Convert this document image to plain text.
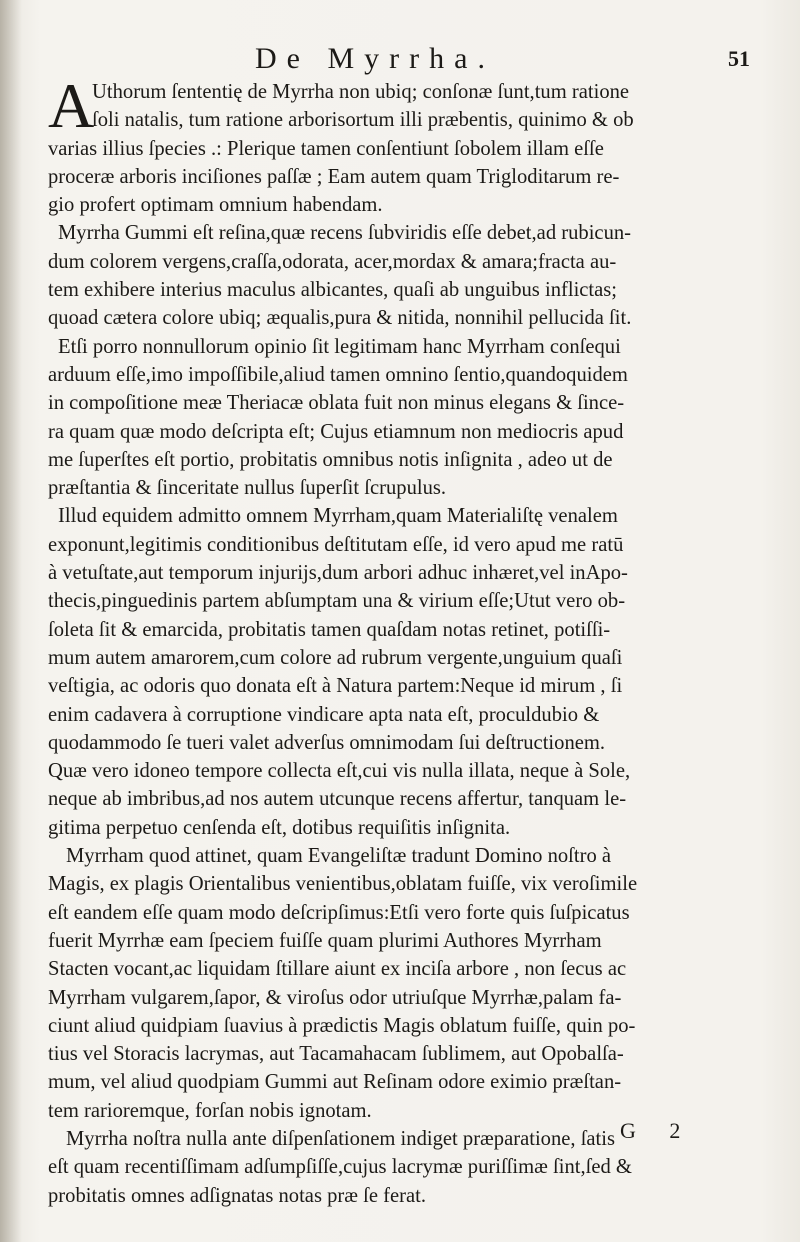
De Myrrha.	51
A
Uthorum ſententię de Myrrha non ubiq; conſonæ ſunt,tum ratione
ſoli natalis, tum ratione arborisortum illi præbentis, quinimo & ob
varias illius ſpecies .: Plerique tamen conſentiunt ſobolem illam eſſe
proceræ arboris inciſiones paſſæ ; Eam autem quam Trigloditarum re-
gio profert optimam omnium habendam.
Myrrha Gummi eſt reſina,quæ recens ſubviridis eſſe debet,ad rubicun-
dum colorem vergens,craſſa,odorata, acer,mordax & amara;fracta au-
tem exhibere interius maculus albicantes, quaſi ab unguibus inflictas;
quoad cætera colore ubiq; æqualis,pura & nitida, nonnihil pellucida ſit.
Etſi porro nonnullorum opinio ſit legitimam hanc Myrrham conſequi
arduum eſſe,imo impoſſibile,aliud tamen omnino ſentio,quandoquidem
in compoſitione meæ Theriacæ oblata fuit non minus elegans & ſince-
ra quam quæ modo deſcripta eſt; Cujus etiamnum non mediocris apud
me ſuperſtes eſt portio, probitatis omnibus notis inſignita , adeo ut de
præſtantia & ſinceritate nullus ſuperſit ſcrupulus.
Illud equidem admitto omnem Myrrham,quam Materialiſtę venalem
exponunt,legitimis conditionibus deſtitutam eſſe, id vero apud me ratū
à vetuſtate,aut temporum injurijs,dum arbori adhuc inhæret,vel inApo-
thecis,pinguedinis partem abſumptam una & virium eſſe;Utut vero ob-
ſoleta ſit & emarcida, probitatis tamen quaſdam notas retinet, potiſſi-
mum autem amarorem,cum colore ad rubrum vergente,unguium quaſi
veſtigia, ac odoris quo donata eſt à Natura partem:Neque id mirum , ſi
enim cadavera à corruptione vindicare apta nata eſt, proculdubio &
quodammodo ſe tueri valet adverſus omnimodam ſui deſtructionem.
Quæ vero idoneo tempore collecta eſt,cui vis nulla illata, neque à Sole,
neque ab imbribus,ad nos autem utcunque recens affertur, tanquam le-
gitima perpetuo cenſenda eſt, dotibus requiſitis inſignita.
Myrrham quod attinet, quam Evangeliſtæ tradunt Domino noſtro à
Magis, ex plagis Orientalibus venientibus,oblatam fuiſſe, vix veroſimile
eſt eandem eſſe quam modo deſcripſimus:Etſi vero forte quis ſuſpicatus
fuerit Myrrhæ eam ſpeciem fuiſſe quam plurimi Authores Myrrham
Stacten vocant,ac liquidam ſtillare aiunt ex inciſa arbore , non ſecus ac
Myrrham vulgarem,ſapor, & viroſus odor utriuſque Myrrhæ,palam fa-
ciunt aliud quidpiam ſuavius à prædictis Magis oblatum fuiſſe, quin po-
tius vel Storacis lacrymas, aut Tacamahacam ſublimem, aut Opobalſa-
mum, vel aliud quodpiam Gummi aut Reſinam odore eximio præſtan-
tem rarioremque, forſan nobis ignotam.
Myrrha noſtra nulla ante diſpenſationem indiget præparatione, ſatis
eſt quam recentiſſimam adſumpſiſſe,cujus lacrymæ puriſſimæ ſint,ſed &
probitatis omnes adſignatas notas præ ſe ferat.
G 2
